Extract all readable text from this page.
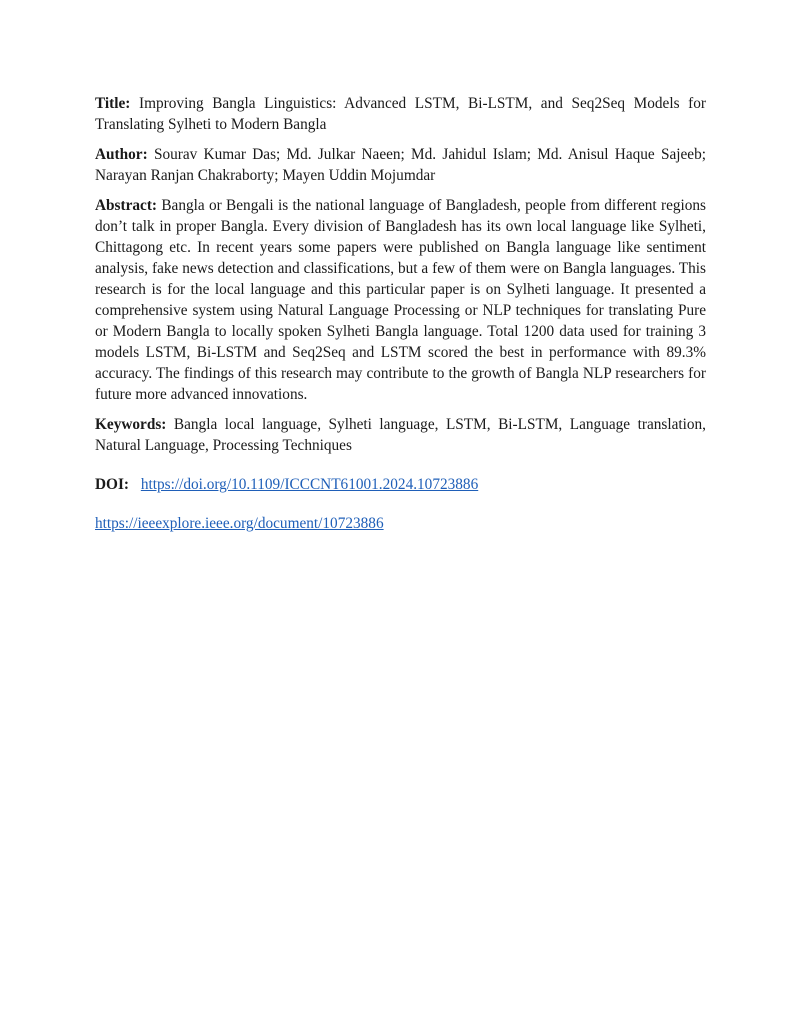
Title: Improving Bangla Linguistics: Advanced LSTM, Bi-LSTM, and Seq2Seq Models for Translating Sylheti to Modern Bangla

Author: Sourav Kumar Das; Md. Julkar Naeen; Md. Jahidul Islam; Md. Anisul Haque Sajeeb; Narayan Ranjan Chakraborty; Mayen Uddin Mojumdar

Abstract: Bangla or Bengali is the national language of Bangladesh, people from different regions don’t talk in proper Bangla. Every division of Bangladesh has its own local language like Sylheti, Chittagong etc. In recent years some papers were published on Bangla language like sentiment analysis, fake news detection and classifications, but a few of them were on Bangla languages. This research is for the local language and this particular paper is on Sylheti language. It presented a comprehensive system using Natural Language Processing or NLP techniques for translating Pure or Modern Bangla to locally spoken Sylheti Bangla language. Total 1200 data used for training 3 models LSTM, Bi-LSTM and Seq2Seq and LSTM scored the best in performance with 89.3% accuracy. The findings of this research may contribute to the growth of Bangla NLP researchers for future more advanced innovations.

Keywords: Bangla local language, Sylheti language, LSTM, Bi-LSTM, Language translation, Natural Language, Processing Techniques

DOI: https://doi.org/10.1109/ICCCNT61001.2024.10723886
https://ieeexplore.ieee.org/document/10723886
